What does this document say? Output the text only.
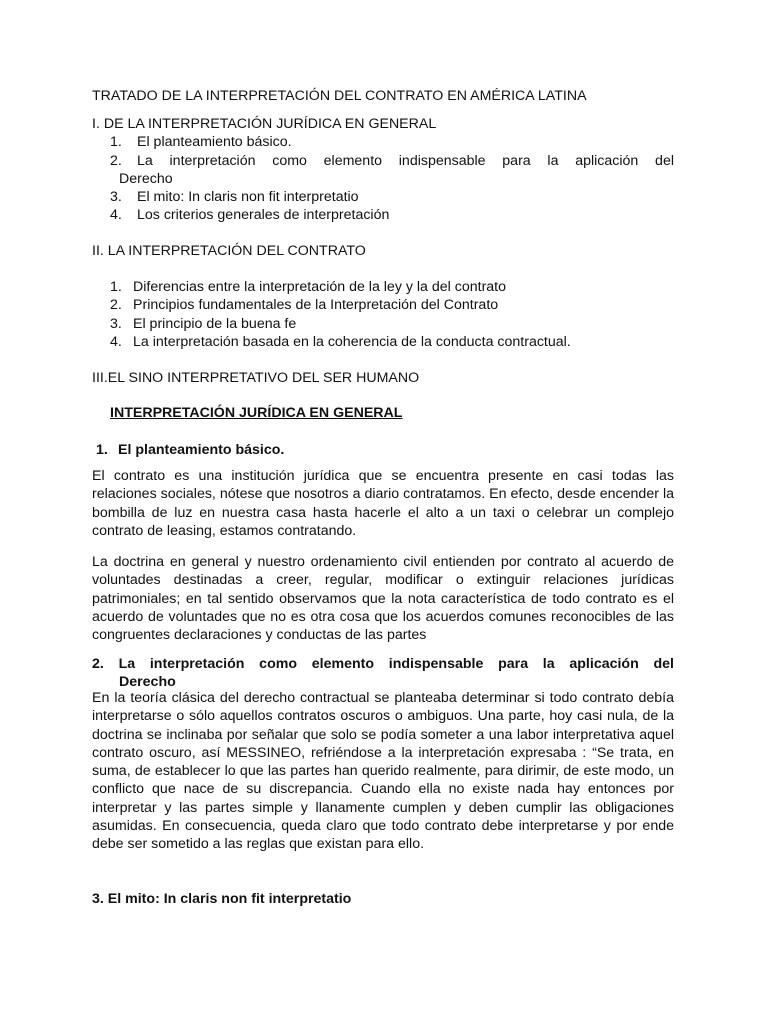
TRATADO DE LA INTERPRETACIÓN DEL CONTRATO EN AMÉRICA LATINA
I. DE LA INTERPRETACIÓN JURÍDICA EN GENERAL
1.	El planteamiento básico.
2.	La interpretación como elemento indispensable para la aplicación del
Derecho
3.	El mito: In claris non fit interpretatio
4.	Los criterios generales de interpretación
II. LA INTERPRETACIÓN DEL CONTRATO
1. Diferencias entre la interpretación de la ley y la del contrato
2. Principios fundamentales de la Interpretación del Contrato
3. El principio de la buena fe
4. La interpretación basada en la coherencia de la conducta contractual.
III.EL SINO INTERPRETATIVO DEL SER HUMANO
INTERPRETACIÓN JURÍDICA EN GENERAL
1. El planteamiento básico.

El contrato es una institución jurídica que se encuentra presente en casi todas las relaciones sociales, nótese que nosotros a diario contratamos. En efecto, desde encender la bombilla de luz en nuestra casa hasta hacerle el alto a un taxi o celebrar un complejo contrato de leasing, estamos contratando.

La doctrina en general y nuestro ordenamiento civil entienden por contrato al acuerdo de voluntades destinadas a creer, regular, modificar o extinguir relaciones jurídicas patrimoniales; en tal sentido observamos que la nota característica de todo contrato es el acuerdo de voluntades que no es otra cosa que los acuerdos comunes reconocibles de las congruentes declaraciones y conductas de las partes

2. La interpretación como elemento indispensable para la aplicación del
Derecho

En la teoría clásica del derecho contractual se planteaba determinar si todo contrato debía interpretarse o sólo aquellos contratos oscuros o ambiguos. Una parte, hoy casi nula, de la doctrina se inclinaba por señalar que solo se podía someter a una labor interpretativa aquel contrato oscuro, así MESSINEO, refriéndose a la interpretación expresaba : “Se trata, en suma, de establecer lo que las partes han querido realmente, para dirimir, de este modo, un conflicto que nace de su discrepancia. Cuando ella no existe nada hay entonces por interpretar y las partes simple y llanamente cumplen y deben cumplir las obligaciones asumidas. En consecuencia, queda claro que todo contrato debe interpretarse y por ende debe ser sometido a las reglas que existan para ello.

3. El mito: In claris non fit interpretatio
